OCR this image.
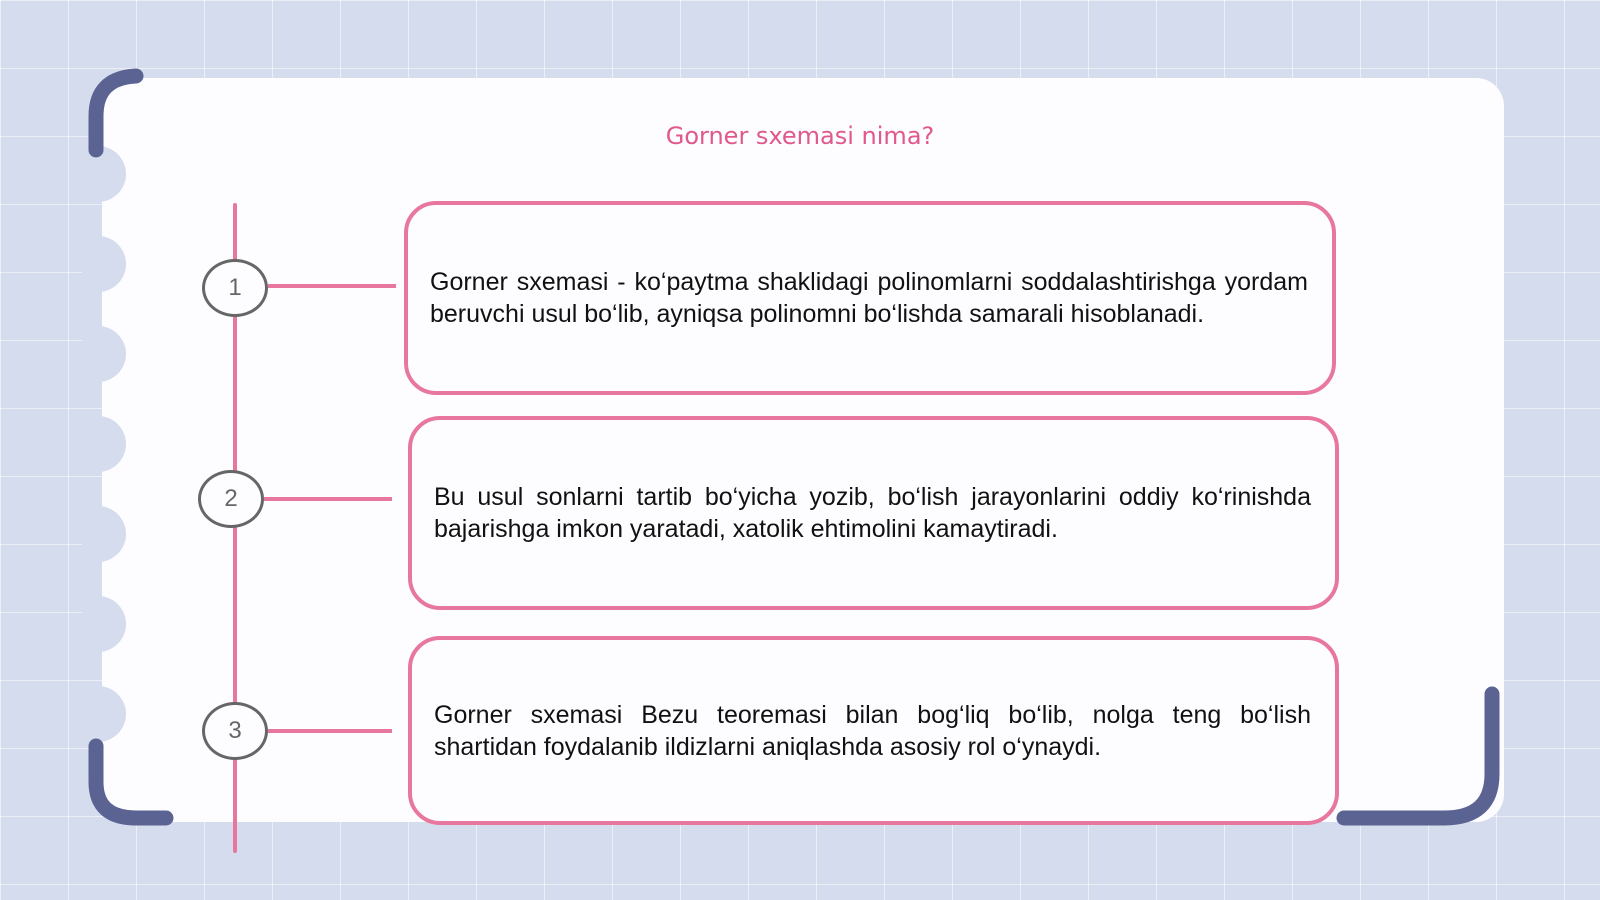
Gorner sxemasi nima?
1	Gorner sxemasi - ko‘paytma shaklidagi polinomlarni soddalashtirishga yordam beruvchi usul bo‘lib, ayniqsa polinomni bo‘lishda samarali hisoblanadi.

2	Bu usul sonlarni tartib bo‘yicha yozib, bo‘lish jarayonlarini oddiy ko‘rinishda bajarishga imkon yaratadi, xatolik ehtimolini kamaytiradi.

3

Gorner sxemasi Bezu teoremasi bilan bog‘liq bo‘lib, nolga teng bo‘lish shartidan foydalanib ildizlarni aniqlashda asosiy rol o‘ynaydi.
